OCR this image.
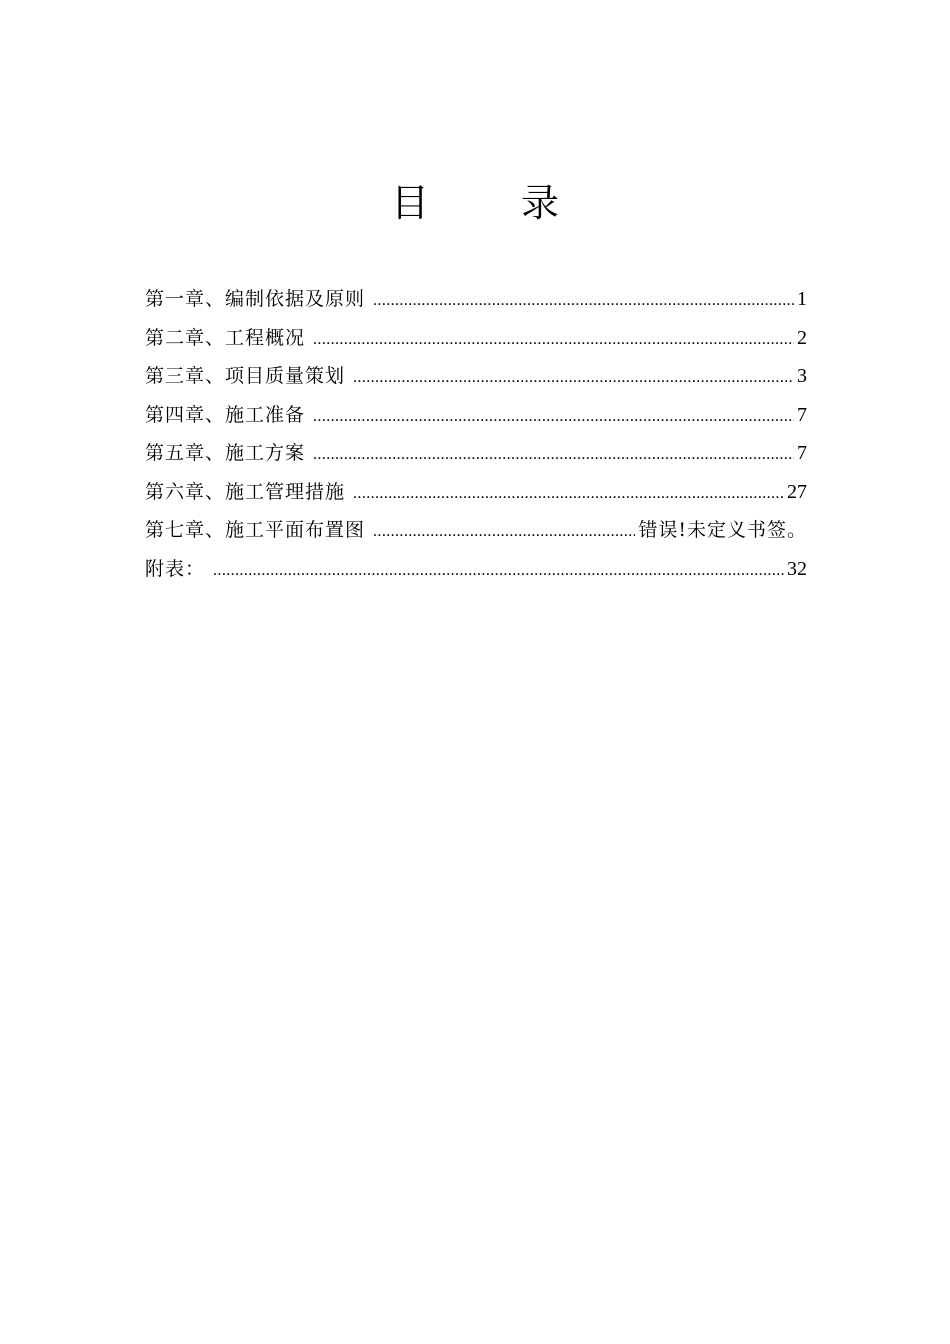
目 录
第一章、编制依据及原则 .....	1
第二章、工程概况 .....	2
第三章、项目质量策划 .....	3
第四章、施工准备 .....	7
第五章、施工方案 .....	7
第六章、施工管理措施 .....	27
第七章、施工平面布置图 .....	错误!未定义书签。
附表： .....	32
